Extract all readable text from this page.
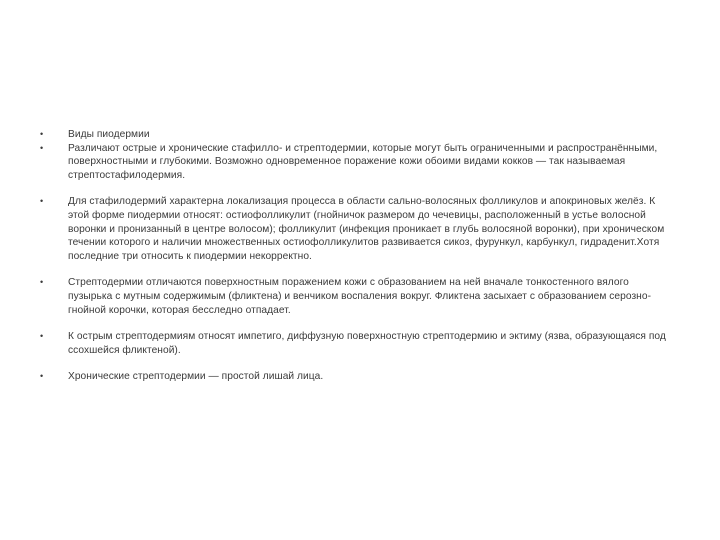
•	Виды пиодермии
•	Различают острые и хронические стафилло- и стрептодермии, которые могут быть ограниченными и распространёнными, поверхностными и глубокими. Возможно одновременное поражение кожи обоими видами кокков — так называемая стрептостафилодермия.
•	Для стафилодермий характерна локализация процесса в области сально-волосяных фолликулов и апокриновых желёз. К этой форме пиодермии относят: остиофолликулит (гнойничок размером до чечевицы, расположенный в устье волосной воронки и пронизанный в центре волосом); фолликулит (инфекция проникает в глубь волосяной воронки), при хроническом течении которого и наличии множественных остиофолликулитов развивается сикоз, фурункул, карбункул, гидраденит.Хотя последние три относить к пиодермии некорректно.
•	Стрептодермии отличаются поверхностным поражением кожи с образованием на ней вначале тонкостенного вялого пузырька с мутным содержимым (фликтена) и венчиком воспаления вокруг. Фликтена засыхает с образованием серозно-гнойной корочки, которая бесследно отпадает.
•	К острым стрептодермиям относят импетиго, диффузную поверхностную стрептодермию и эктиму (язва, образующаяся под ссохшейся фликтеной).
•	Хронические стрептодермии — простой лишай лица.
